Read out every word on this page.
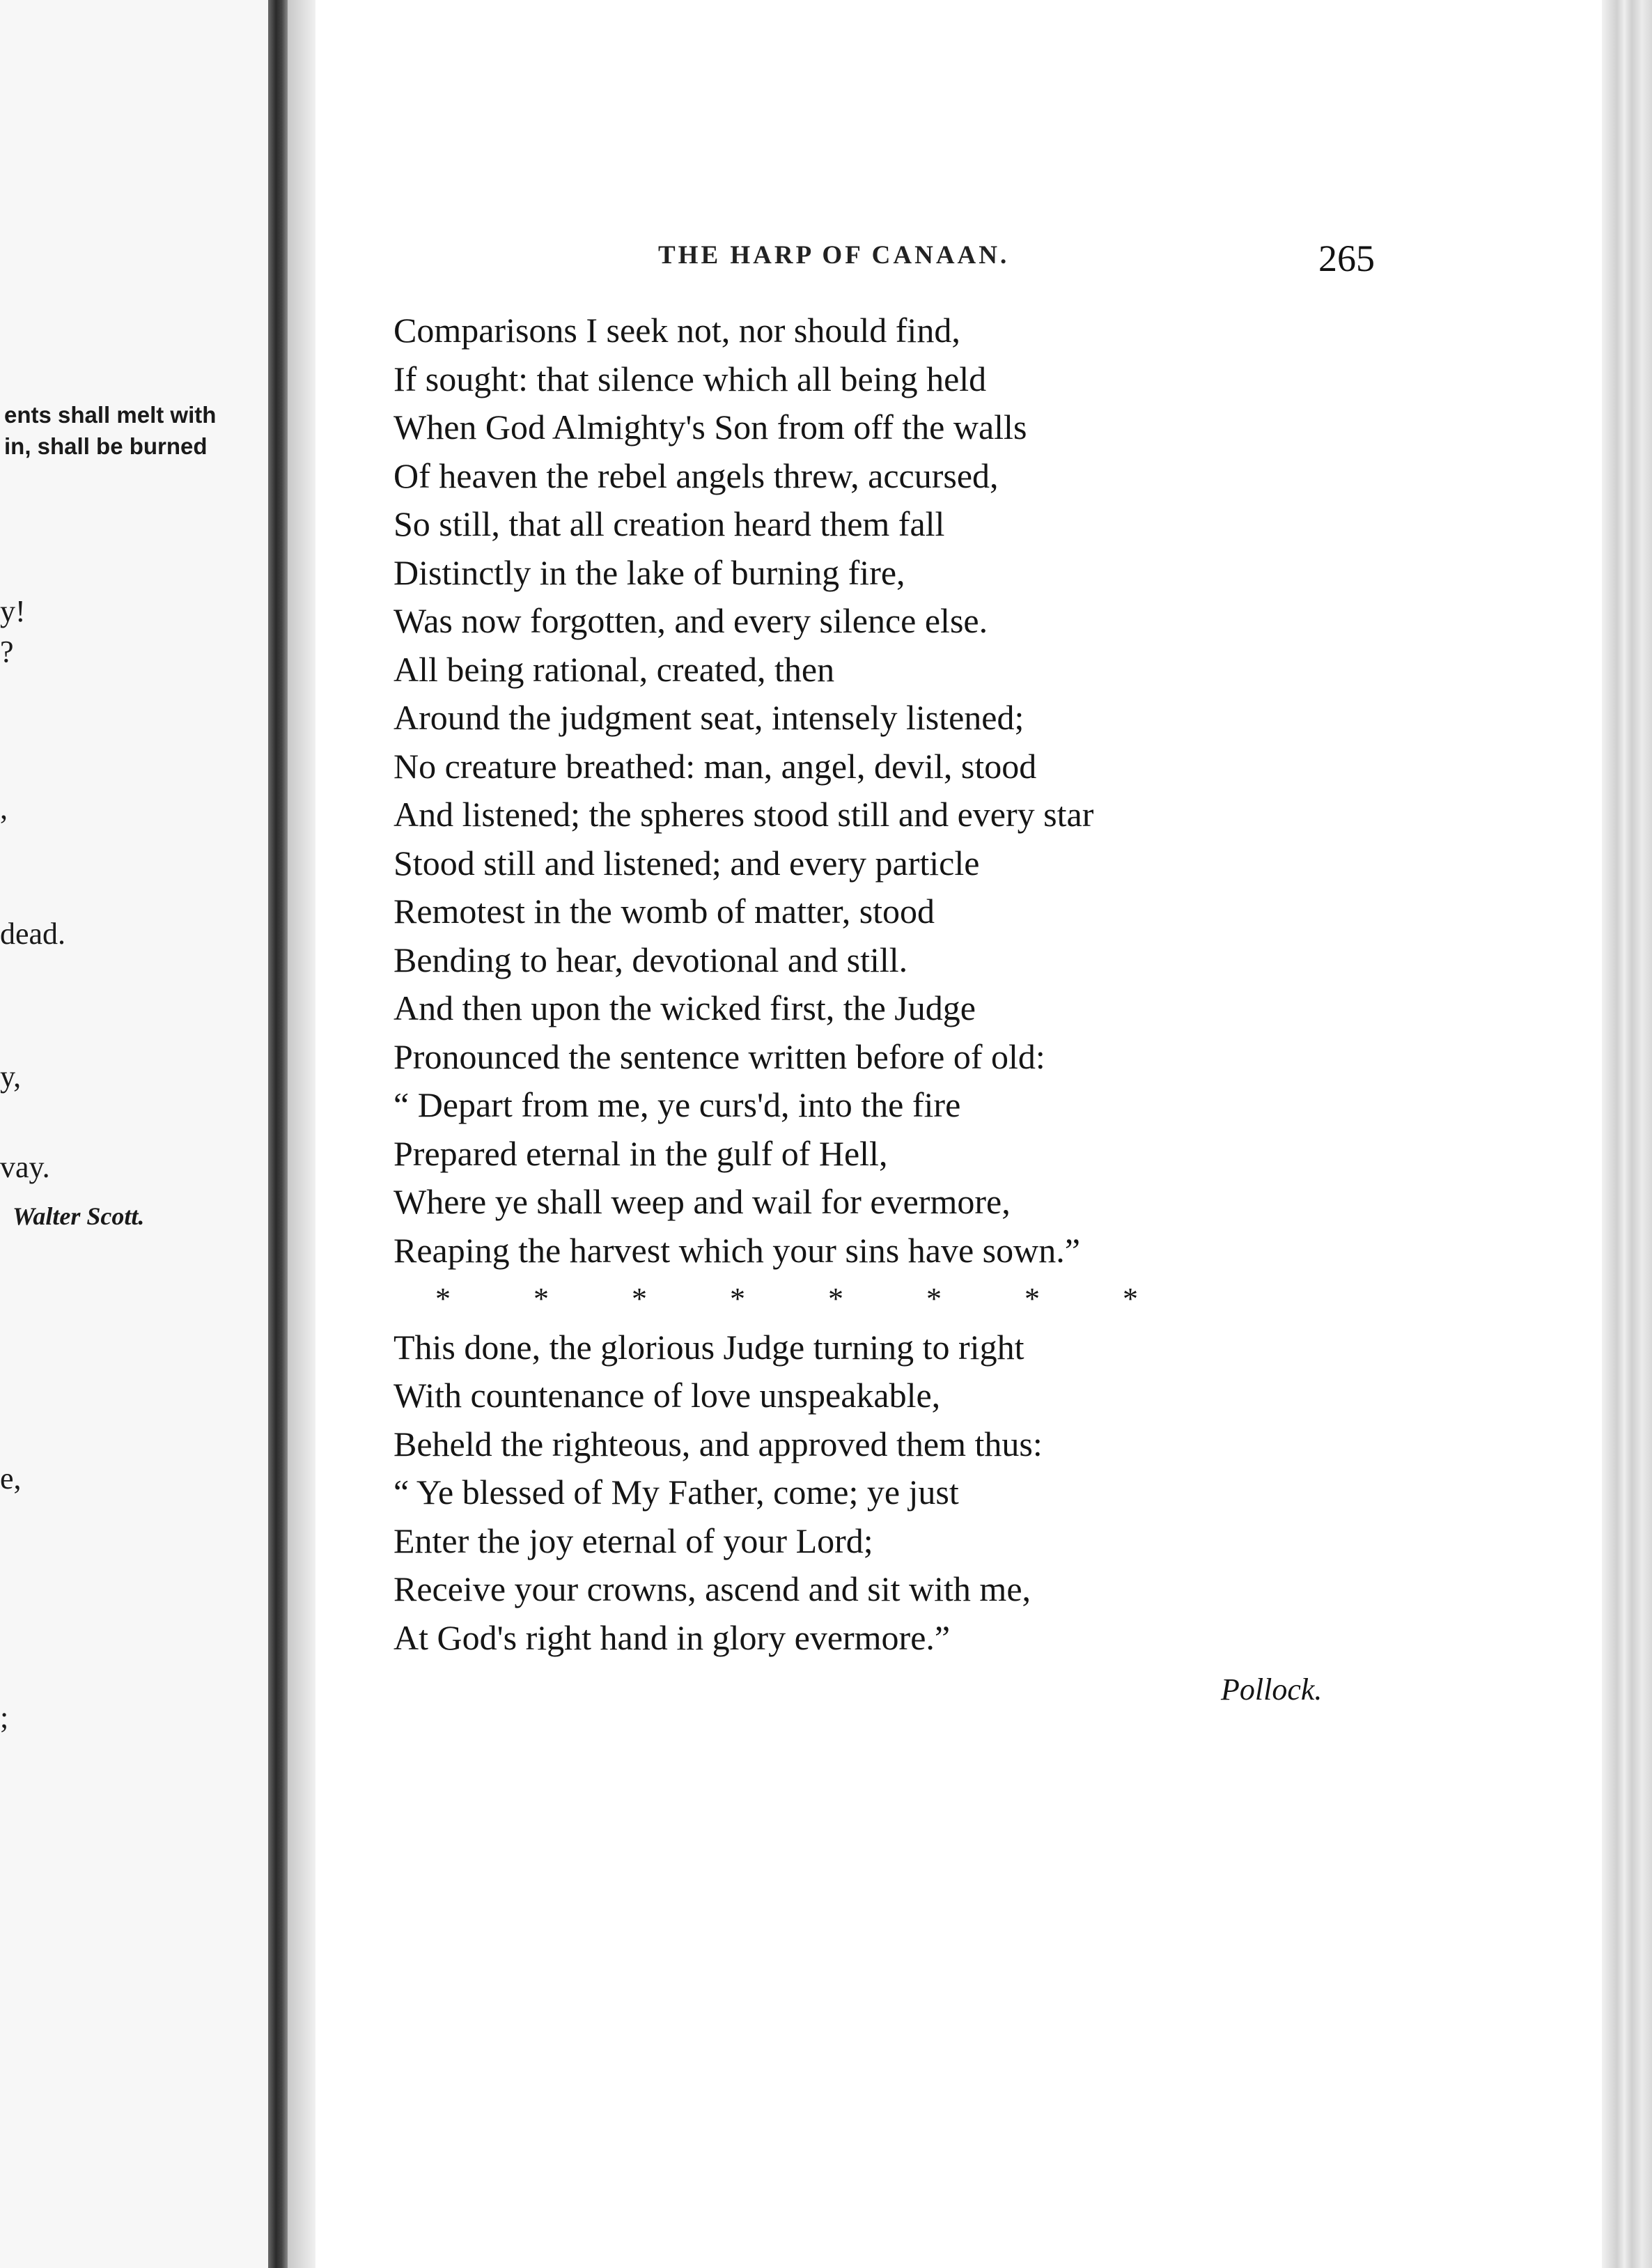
ents shall melt with
in, shall be burned
y!
?
,
dead.
y,
vay.
Walter Scott.
e,
;
THE HARP OF CANAAN.	265
Comparisons I seek not, nor should find,
If sought: that silence which all being held
When God Almighty's Son from off the walls
Of heaven the rebel angels threw, accursed,
So still, that all creation heard them fall
Distinctly in the lake of burning fire,
Was now forgotten, and every silence else.
All being rational, created, then
Around the judgment seat, intensely listened;
No creature breathed: man, angel, devil, stood
And listened; the spheres stood still and every star
Stood still and listened; and every particle
Remotest in the womb of matter, stood
Bending to hear, devotional and still.
And then upon the wicked first, the Judge
Pronounced the sentence written before of old:
“ Depart from me, ye curs'd, into the fire
Prepared eternal in the gulf of Hell,
Where ye shall weep and wail for evermore,
Reaping the harvest which your sins have sown.”
*	*	*	*	*	*	*	*
This done, the glorious Judge turning to right
With countenance of love unspeakable,
Beheld the righteous, and approved them thus:
“ Ye blessed of My Father, come; ye just
Enter the joy eternal of your Lord;
Receive your crowns, ascend and sit with me,
At God's right hand in glory evermore.”
Pollock.
